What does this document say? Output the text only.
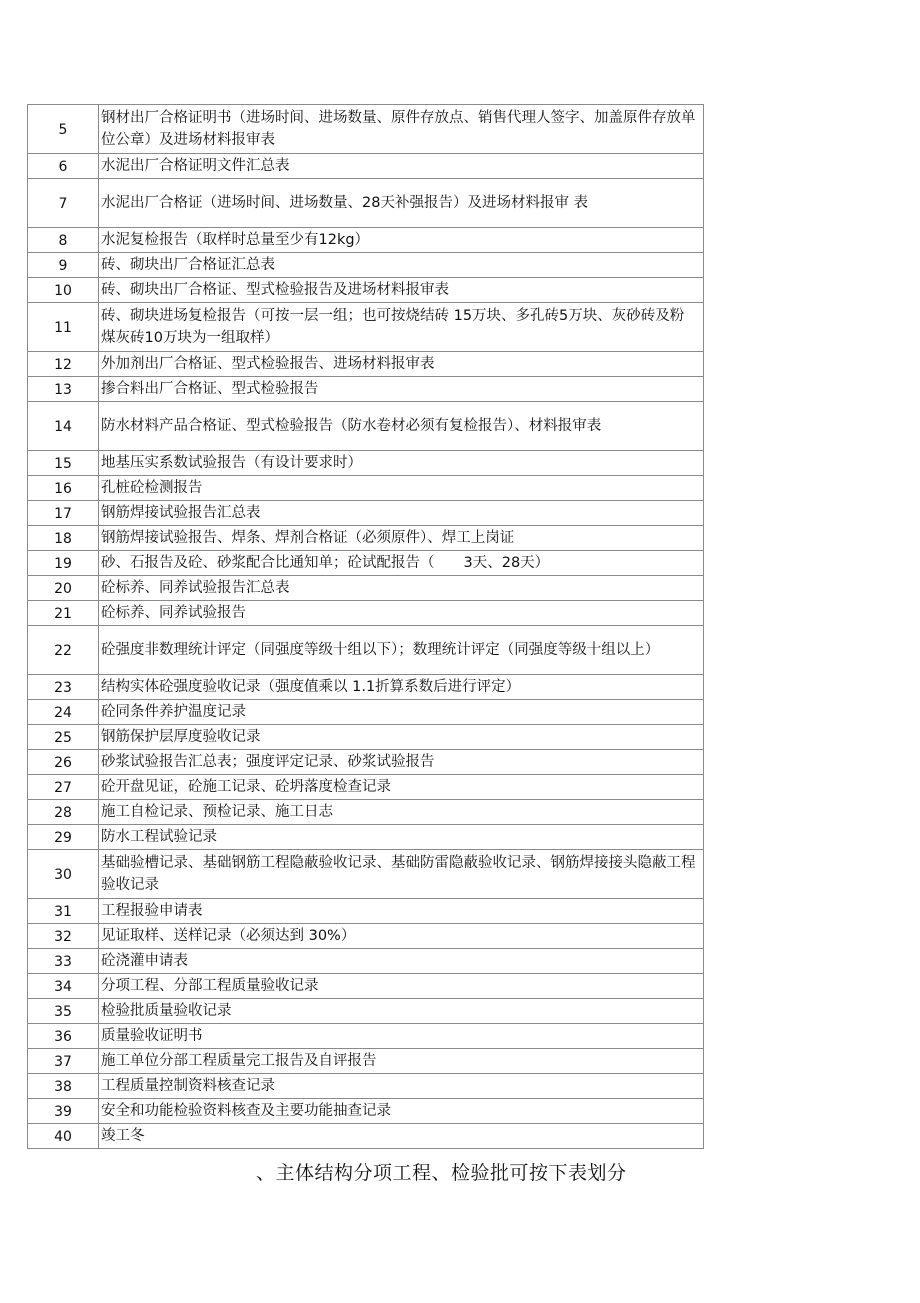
5	钢材出厂合格证明书（进场时间、进场数量、原件存放点、销售代理人签字、加盖原件存放单位公章）及进场材料报审表
6	水泥出厂合格证明文件汇总表
7	水泥出厂合格证（进场时间、进场数量、28天补强报告）及进场材料报审 表
8	水泥复检报告（取样时总量至少有12kg）
9	砖、砌块出厂合格证汇总表
10	砖、砌块出厂合格证、型式检验报告及进场材料报审表
11	砖、砌块进场复检报告（可按一层一组；也可按烧结砖 15万块、多孔砖5万块、灰砂砖及粉煤灰砖10万块为一组取样）
12	外加剂出厂合格证、型式检验报告、进场材料报审表
13	掺合料出厂合格证、型式检验报告
14	防水材料产品合格证、型式检验报告（防水卷材必须有复检报告）、材料报审表
15	地基压实系数试验报告（有设计要求时）
16	孔桩砼检测报告
17	钢筋焊接试验报告汇总表
18	钢筋焊接试验报告、焊条、焊剂合格证（必须原件）、焊工上岗证
19	砂、石报告及砼、砂浆配合比通知单；砼试配报告（　　3天、28天）
20	砼标养、同养试验报告汇总表
21	砼标养、同养试验报告
22	砼强度非数理统计评定（同强度等级十组以下）；数理统计评定（同强度等级十组以上）
23	结构实体砼强度验收记录（强度值乘以 1.1折算系数后进行评定）
24	砼同条件养护温度记录
25	钢筋保护层厚度验收记录
26	砂浆试验报告汇总表；强度评定记录、砂浆试验报告
27	砼开盘见证，砼施工记录、砼坍落度检查记录
28	施工自检记录、预检记录、施工日志
29	防水工程试验记录
30	基础验槽记录、基础钢筋工程隐蔽验收记录、基础防雷隐蔽验收记录、钢筋焊接接头隐蔽工程验收记录
31	工程报验申请表
32	见证取样、送样记录（必须达到 30%）
33	砼浇灌申请表
34	分项工程、分部工程质量验收记录
35	检验批质量验收记录
36	质量验收证明书
37	施工单位分部工程质量完工报告及自评报告
38	工程质量控制资料核查记录
39	安全和功能检验资料核查及主要功能抽查记录
40	竣工冬
、主体结构分项工程、检验批可按下表划分
